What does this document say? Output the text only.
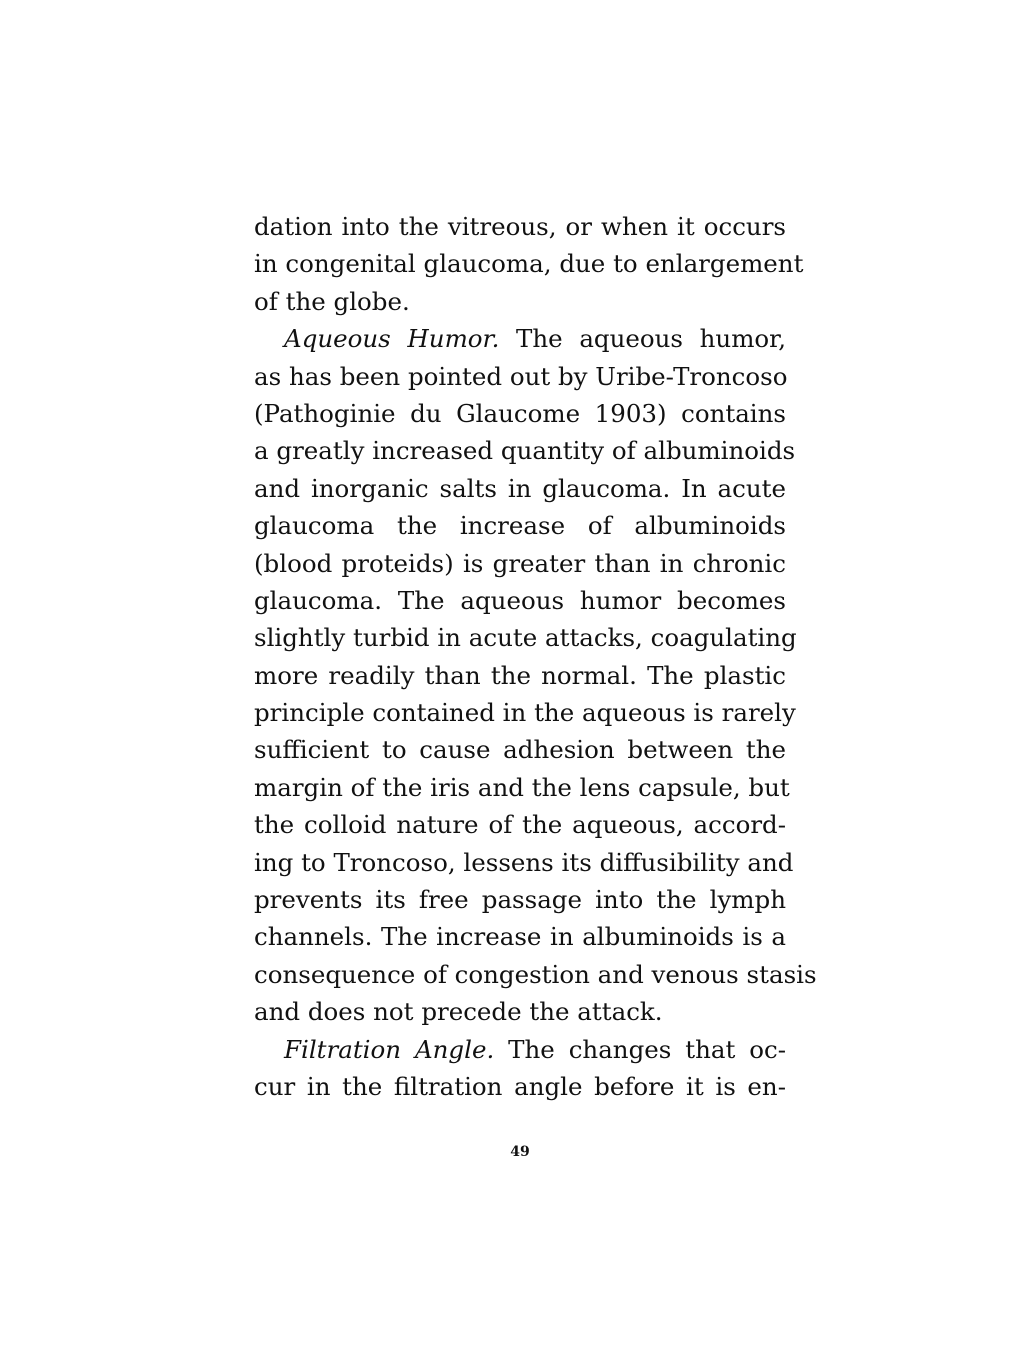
dation into the vitreous, or when it occurs
in congenital glaucoma, due to enlargement
of the globe.
Aqueous Humor. The aqueous humor,
as has been pointed out by Uribe-Troncoso
(Pathoginie du Glaucome 1903) contains
a greatly increased quantity of albuminoids
and inorganic salts in glaucoma. In acute
glaucoma the increase of albuminoids
(blood proteids) is greater than in chronic
glaucoma. The aqueous humor becomes
slightly turbid in acute attacks, coagulating
more readily than the normal. The plastic
principle contained in the aqueous is rarely
sufficient to cause adhesion between the
margin of the iris and the lens capsule, but
the colloid nature of the aqueous, accord-
ing to Troncoso, lessens its diffusibility and
prevents its free passage into the lymph
channels. The increase in albuminoids is a
consequence of congestion and venous stasis
and does not precede the attack.
Filtration Angle. The changes that oc-
cur in the filtration angle before it is en-
49
